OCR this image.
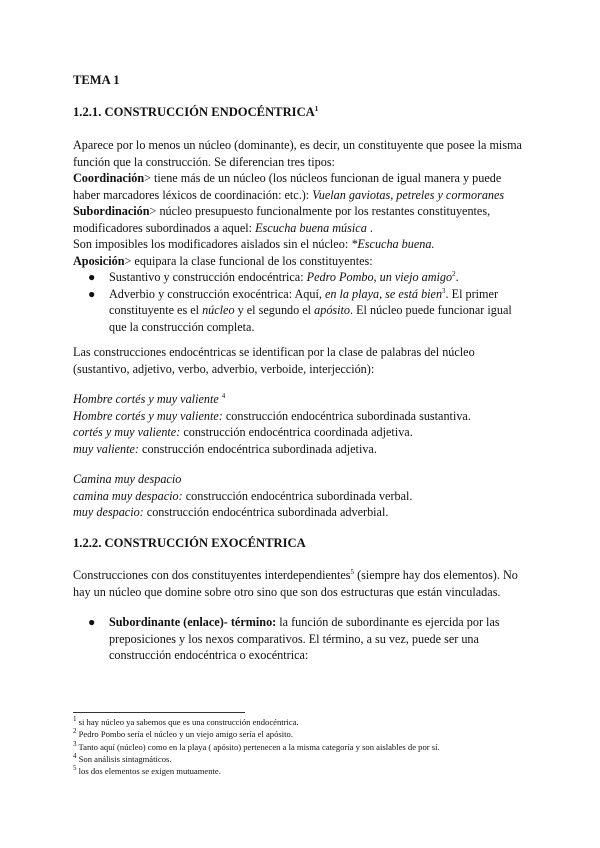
TEMA 1
1.2.1. CONSTRUCCIÓN ENDOCÉNTRICA$^1$

Aparece por lo menos un núcleo (dominante), es decir, un constituyente que posee la misma
función que la construcción. Se diferencian tres tipos:
Coordinación> tiene más de un núcleo (los núcleos funcionan de igual manera y puede
haber marcadores léxicos de coordinación: etc.): Vuelan gaviotas, petreles y cormoranes
Subordinación> núcleo presupuesto funcionalmente por los restantes constituyentes,
modificadores subordinados a aquel: Escucha buena música .
Son imposibles los modificadores aislados sin el núcleo: *Escucha buena.
Aposición> equipara la clase funcional de los constituyentes:

● Sustantivo y construcción endocéntrica: Pedro Pombo, un viejo amigo$^2$.
● Adverbio y construcción exocéntrica: Aquí, en la playa, se está bien$^3$. El primer
constituyente es el núcleo y el segundo el apósito. El núcleo puede funcionar igual
que la construcción completa.

Las construcciones endocéntricas se identifican por la clase de palabras del núcleo
(sustantivo, adjetivo, verbo, adverbio, verboide, interjección):

Hombre cortés y muy valiente $^4$
Hombre cortés y muy valiente: construcción endocéntrica subordinada sustantiva.
cortés y muy valiente: construcción endocéntrica coordinada adjetiva.
muy valiente: construcción endocéntrica subordinada adjetiva.

Camina muy despacio
camina muy despacio: construcción endocéntrica subordinada verbal.
muy despacio: construcción endocéntrica subordinada adverbial.

1.2.2. CONSTRUCCIÓN EXOCÉNTRICA

Construcciones con dos constituyentes interdependientes$^5$ (siempre hay dos elementos). No
hay un núcleo que domine sobre otro sino que son dos estructuras que están vinculadas.

● Subordinante (enlace)- término: la función de subordinante es ejercida por las
preposiciones y los nexos comparativos. El término, a su vez, puede ser una
construcción endocéntrica o exocéntrica:
$^1$ si hay núcleo ya sabemos que es una construcción endocéntrica.
$^2$ Pedro Pombo sería el núcleo y un viejo amigo sería el apósito.
$^3$ Tanto aquí (núcleo) como en la playa ( apósito) pertenecen a la misma categoría y son aislables de por sí.
$^4$ Son análisis sintagmáticos.
$^5$ los dos elementos se exigen mutuamente.
